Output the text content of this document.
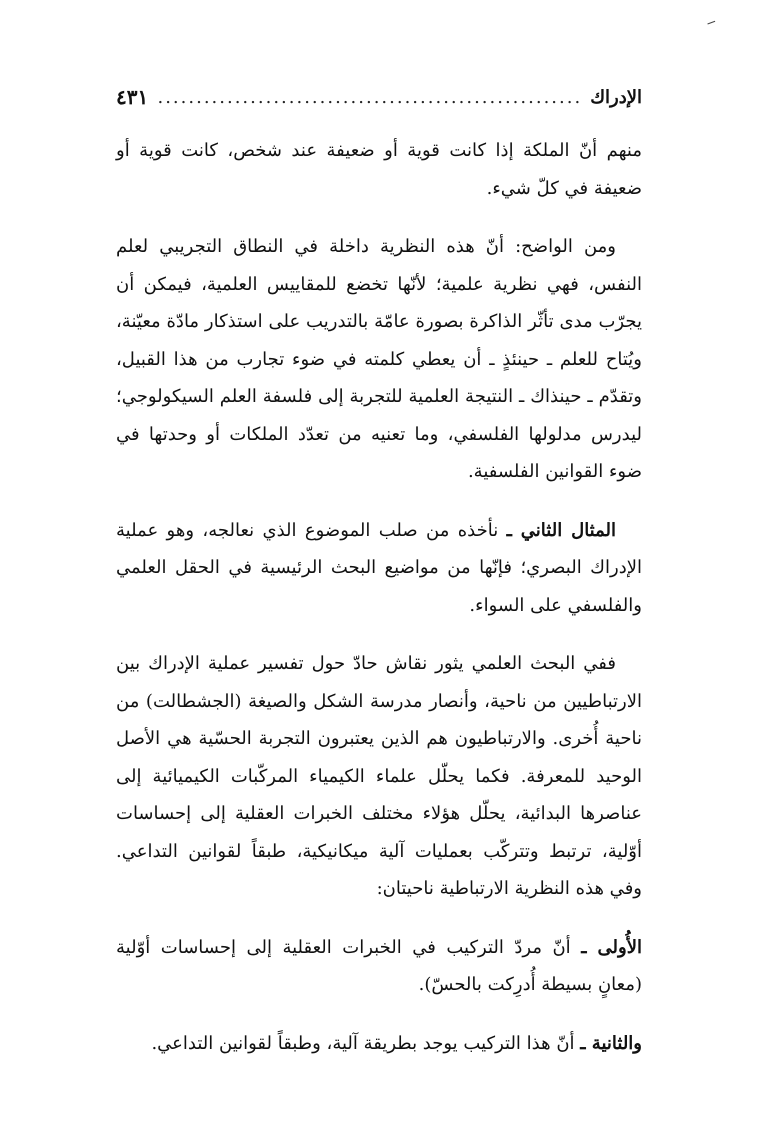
الإدراك
.....
٤٣١

منهم أنّ الملكة إذا كانت قوية أو ضعيفة عند شخص، كانت قوية أو ضعيفة في كلّ شيء.

ومن الواضح: أنّ هذه النظرية داخلة في النطاق التجريبي لعلم النفس، فهي نظرية علمية؛ لأنّها تخضع للمقاييس العلمية، فيمكن أن يجرّب مدى تأثّر الذاكرة بصورة عامّة بالتدريب على استذكار مادّة معيّنة، ويُتاح للعلم ـ حينئذٍ ـ أن يعطي كلمته في ضوء تجارب من هذا القبيل، وتقدّم ـ حينذاك ـ النتيجة العلمية للتجربة إلى فلسفة العلم السيكولوجي؛ ليدرس مدلولها الفلسفي، وما تعنيه من تعدّد الملكات أو وحدتها في ضوء القوانين الفلسفية.

المثال الثاني ـ نأخذه من صلب الموضوع الذي نعالجه، وهو عملية الإدراك البصري؛ فإنّها من مواضيع البحث الرئيسية في الحقل العلمي والفلسفي على السواء.

ففي البحث العلمي يثور نقاش حادّ حول تفسير عملية الإدراك بين الارتباطيين من ناحية، وأنصار مدرسة الشكل والصيغة (الجشطالت) من ناحية أُخرى. والارتباطيون هم الذين يعتبرون التجربة الحسّية هي الأصل الوحيد للمعرفة. فكما يحلّل علماء الكيمياء المركّبات الكيميائية إلى عناصرها البدائية، يحلّل هؤلاء مختلف الخبرات العقلية إلى إحساسات أوّلية، ترتبط وتتركّب بعمليات آلية ميكانيكية، طبقاً لقوانين التداعي. وفي هذه النظرية الارتباطية ناحيتان:

الأُولى ـ أنّ مردّ التركيب في الخبرات العقلية إلى إحساسات أوّلية (معانٍ بسيطة أُدرِكت بالحسّ).

والثانية ـ أنّ هذا التركيب يوجد بطريقة آلية، وطبقاً لقوانين التداعي.
